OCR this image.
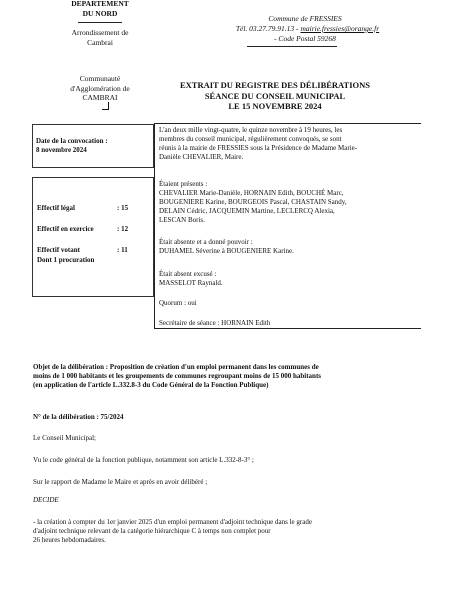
DEPARTEMENT
DU NORD
Arrondissement de
Cambrai
Communauté
d'Agglomération de
CAMBRAI
Commune de FRESSIES
Tél. 03.27.79.91.13 - mairie.fressies@orange.fr
- Code Postal 59268
EXTRAIT DU REGISTRE DES DÉLIBÉRATIONS
SÉANCE DU CONSEIL MUNICIPAL
LE 15 NOVEMBRE 2024
Date de la convocation :
8 novembre 2024
Effectif légal	: 15
Effectif en exercice	: 12
Effectif votant	: 11
Dont 1 procuration
L'an deux mille vingt-quatre, le quinze novembre à 19 heures, les
membres du conseil municipal, régulièrement convoqués, se sont
réunis à la mairie de FRESSIES sous la Présidence de Madame Marie-
Danièle CHEVALIER, Maire.
Étaient présents :
CHEVALIER Marie-Danièle, HORNAIN Edith, BOUCHÉ Marc,
BOUGENIERE Karine, BOURGEOIS Pascal, CHASTAIN Sandy,
DELAIN Cédric, JACQUEMIN Martine, LECLERCQ Alexia,
LESCAN Boris.
Était absente et a donné pouvoir :
DUHAMEL Séverine à BOUGENIERE Karine.
Était absent excusé :
MASSELOT Raynald.
Quorum : oui
Secrétaire de séance : HORNAIN Edith
Objet de la délibération : Proposition de création d'un emploi permanent dans les communes de
moins de 1 000 habitants et les groupements de communes regroupant moins de 15 000 habitants
(en application de l'article L.332.8-3 du Code Général de la Fonction Publique)
N° de la délibération : 75/2024
Le Conseil Municipal;
Vu le code général de la fonction publique, notamment son article L.332-8-3° ;
Sur le rapport de Madame le Maire et après en avoir délibéré ;
DECIDE
- la création à compter du 1er janvier 2025 d'un emploi permanent d'adjoint technique dans le grade
d'adjoint technique relevant de la catégorie hiérarchique C à temps non complet pour
26 heures hebdomadaires.
